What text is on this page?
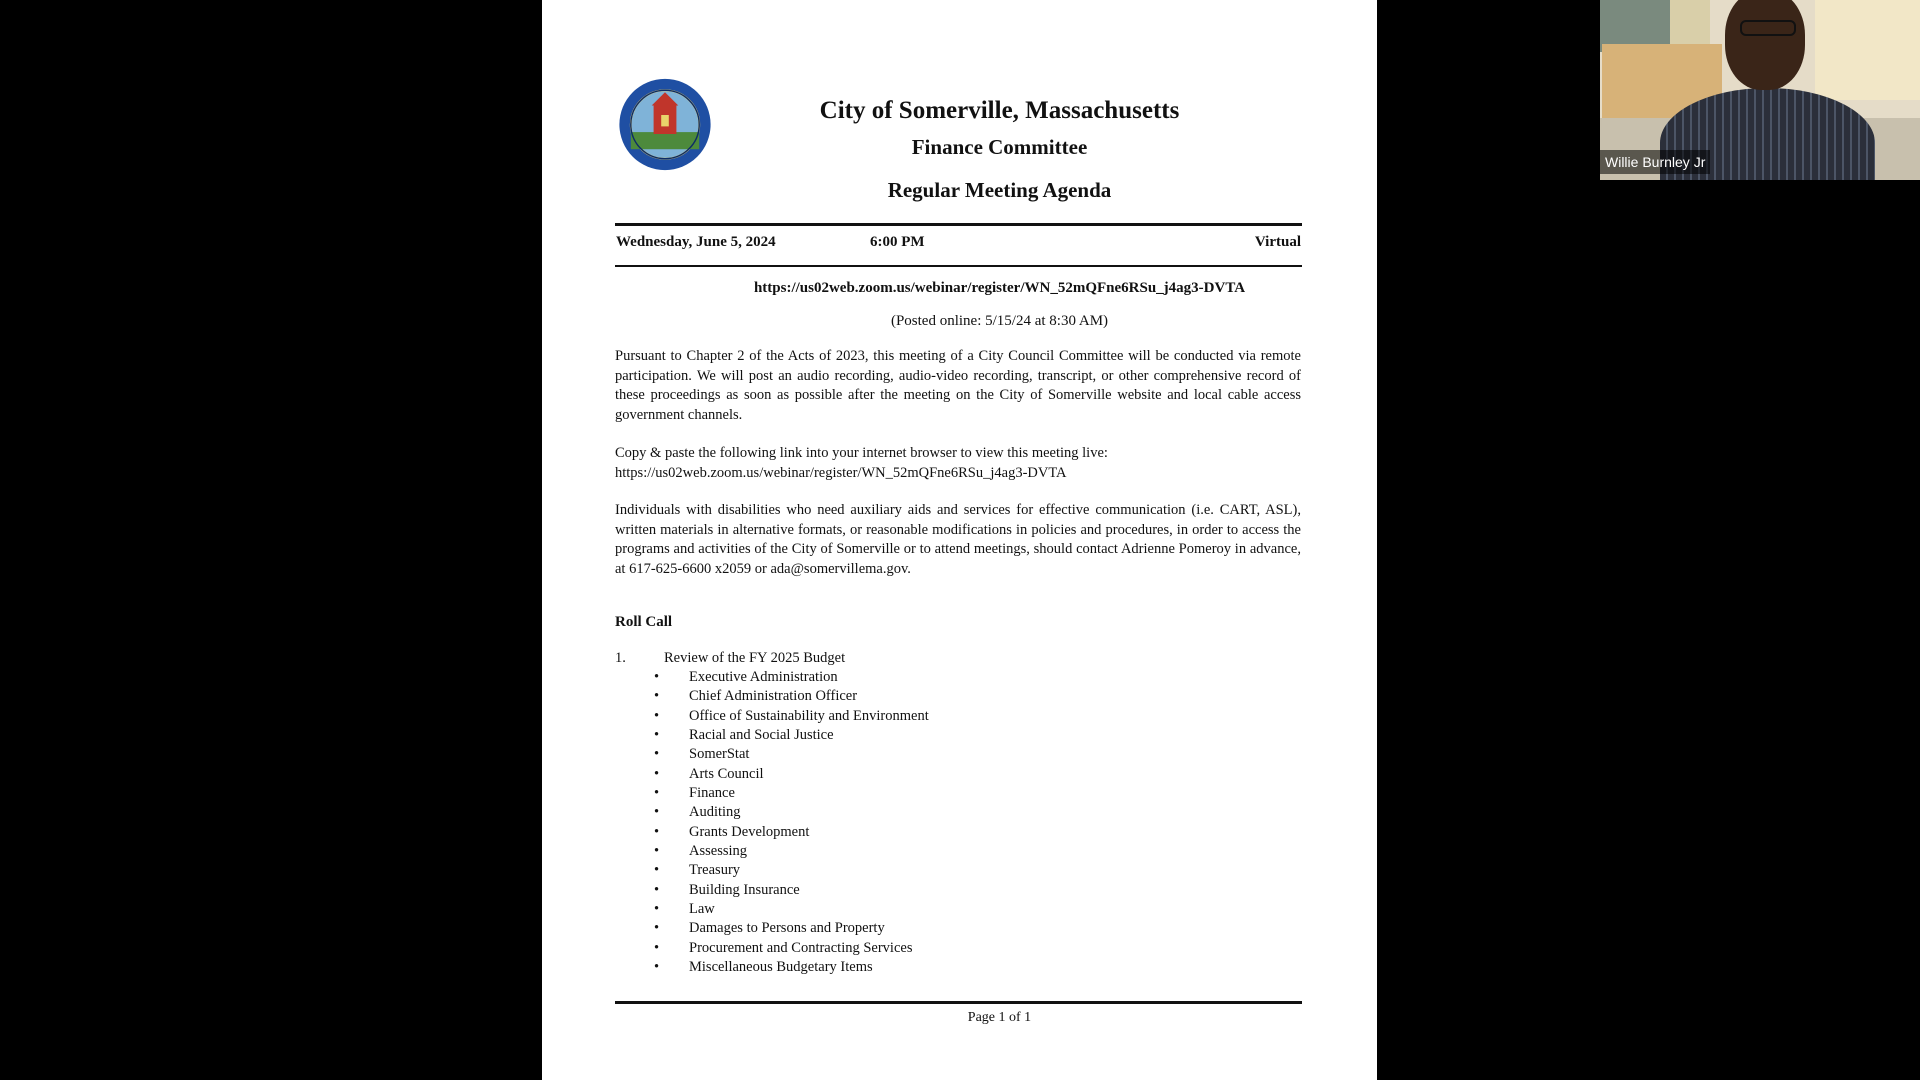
City of Somerville, Massachusetts

Finance Committee

Regular Meeting Agenda

Wednesday, June 5, 2024	6:00 PM	Virtual

https://us02web.zoom.us/webinar/register/WN_52mQFne6RSu_j4ag3-DVTA

(Posted online: 5/15/24 at 8:30 AM)

Pursuant to Chapter 2 of the Acts of 2023, this meeting of a City Council Committee will be conducted via remote participation. We will post an audio recording, audio-video recording, transcript, or other comprehensive record of these proceedings as soon as possible after the meeting on the City of Somerville website and local cable access government channels.

Copy & paste the following link into your internet browser to view this meeting live:
https://us02web.zoom.us/webinar/register/WN_52mQFne6RSu_j4ag3-DVTA

Individuals with disabilities who need auxiliary aids and services for effective communication (i.e. CART, ASL), written materials in alternative formats, or reasonable modifications in policies and procedures, in order to access the programs and activities of the City of Somerville or to attend meetings, should contact Adrienne Pomeroy in advance, at 617-625-6600 x2059 or ada@somervillema.gov.

Roll Call

1.	Review of the FY 2025 Budget
• Executive Administration
• Chief Administration Officer
• Office of Sustainability and Environment
• Racial and Social Justice
• SomerStat
• Arts Council
• Finance
• Auditing
• Grants Development
• Assessing
• Treasury
• Building Insurance
• Law
• Damages to Persons and Property
• Procurement and Contracting Services
• Miscellaneous Budgetary Items

Page 1 of 1

Willie Burnley Jr
